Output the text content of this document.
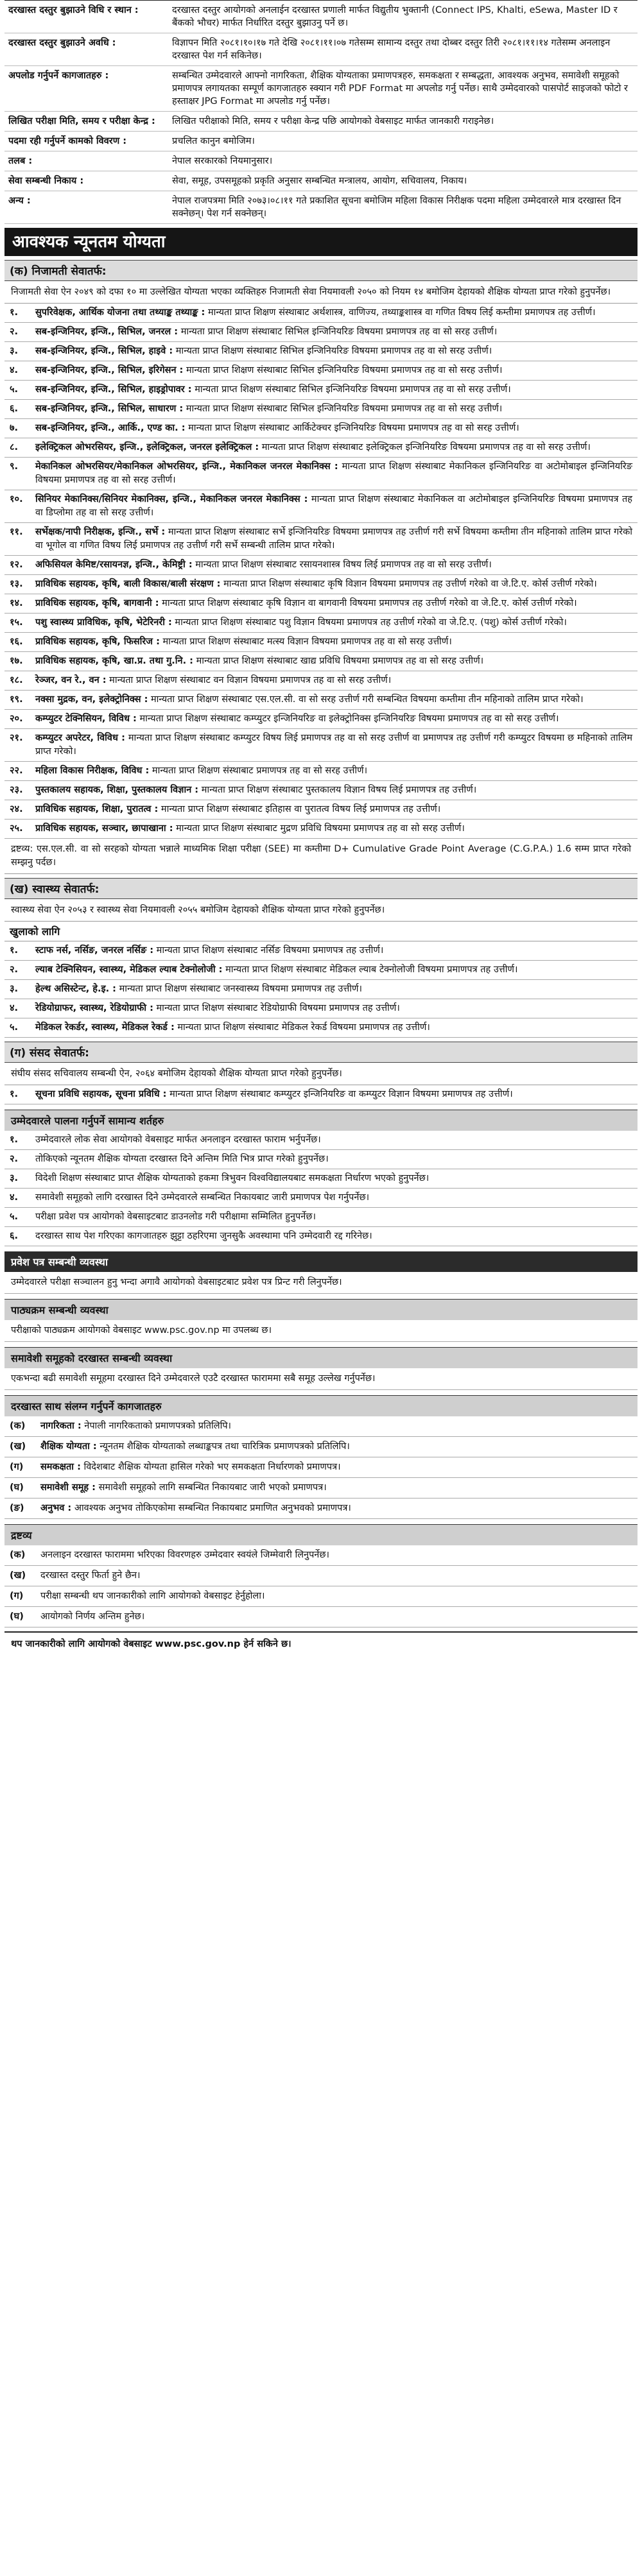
दरखास्त दस्तुर बुझाउने विधि र स्थान :	दरखास्त दस्तुर आयोगको अनलाईन दरखास्त प्रणाली मार्फत विद्युतीय भुक्तानी (Connect IPS, Khalti, eSewa, Master ID र बैंकको भौचर) मार्फत निर्धारित दस्तुर बुझाउनु पर्ने छ।
दरखास्त दस्तुर बुझाउने अवधि :	विज्ञापन मिति २०८१।१०।१७ गते देखि २०८१।११।०७ गतेसम्म सामान्य दस्तुर तथा दोब्बर दस्तुर तिरी २०८१।११।१४ गतेसम्म अनलाइन दरखास्त पेश गर्न सकिनेछ।
अपलोड गर्नुपर्ने कागजातहरु :	सम्बन्धित उम्मेदवारले आफ्नो नागरिकता, शैक्षिक योग्यताका प्रमाणपत्रहरु, समकक्षता र सम्बद्धता, आवश्यक अनुभव, समावेशी समूहको प्रमाणपत्र लगायतका सम्पूर्ण कागजातहरु स्क्यान गरी PDF Format मा अपलोड गर्नु पर्नेछ। साथै उम्मेदवारको पासपोर्ट साइजको फोटो र हस्ताक्षर JPG Format मा अपलोड गर्नु पर्नेछ।
लिखित परीक्षा मिति, समय र परीक्षा केन्द्र :	लिखित परीक्षाको मिति, समय र परीक्षा केन्द्र पछि आयोगको वेबसाइट मार्फत जानकारी गराइनेछ।
पदमा रही गर्नुपर्ने कामको विवरण :	प्रचलित कानुन बमोजिम।
तलब :	नेपाल सरकारको नियमानुसार।
सेवा सम्बन्धी निकाय :	सेवा, समूह, उपसमूहको प्रकृति अनुसार सम्बन्धित मन्त्रालय, आयोग, सचिवालय, निकाय।
अन्य :	नेपाल राजपत्रमा मिति २०७३।०८।११ गते प्रकाशित सूचना बमोजिम महिला विकास निरीक्षक पदमा महिला उम्मेदवारले मात्र दरखास्त दिन सक्नेछन्। पेश गर्न सक्नेछन्।
आवश्यक न्यूनतम योग्यता
(क) निजामती सेवातर्फ:
निजामती सेवा ऐन २०४९ को दफा १० मा उल्लेखित योग्यता भएका व्यक्तिहरु निजामती सेवा नियमावली २०५० को नियम १४ बमोजिम देहायको शैक्षिक योग्यता प्राप्त गरेको हुनुपर्नेछ।
१.	सुपरिवेक्षक, आर्थिक योजना तथा तथ्याङ्क तथ्याङ्क : मान्यता प्राप्त शिक्षण संस्थाबाट अर्थशास्त्र, वाणिज्य, तथ्याङ्कशास्त्र वा गणित विषय लिई कम्तीमा प्रमाणपत्र तह उत्तीर्ण।
२.	सब-इन्जिनियर, इन्जि., सिभिल, जनरल : मान्यता प्राप्त शिक्षण संस्थाबाट सिभिल इन्जिनियरिङ विषयमा प्रमाणपत्र तह वा सो सरह उत्तीर्ण।
३.	सब-इन्जिनियर, इन्जि., सिभिल, हाइवे : मान्यता प्राप्त शिक्षण संस्थाबाट सिभिल इन्जिनियरिङ विषयमा प्रमाणपत्र तह वा सो सरह उत्तीर्ण।
४.	सब-इन्जिनियर, इन्जि., सिभिल, इरिगेसन : मान्यता प्राप्त शिक्षण संस्थाबाट सिभिल इन्जिनियरिङ विषयमा प्रमाणपत्र तह वा सो सरह उत्तीर्ण।
५.	सब-इन्जिनियर, इन्जि., सिभिल, हाइड्रोपावर : मान्यता प्राप्त शिक्षण संस्थाबाट सिभिल इन्जिनियरिङ विषयमा प्रमाणपत्र तह वा सो सरह उत्तीर्ण।
६.	सब-इन्जिनियर, इन्जि., सिभिल, साधारण : मान्यता प्राप्त शिक्षण संस्थाबाट सिभिल इन्जिनियरिङ विषयमा प्रमाणपत्र तह वा सो सरह उत्तीर्ण।
७.	सब-इन्जिनियर, इन्जि., आर्कि., एण्ड का. : मान्यता प्राप्त शिक्षण संस्थाबाट आर्किटेक्चर इन्जिनियरिङ विषयमा प्रमाणपत्र तह वा सो सरह उत्तीर्ण।
८.	इलेक्ट्रिकल ओभरसियर, इन्जि., इलेक्ट्रिकल, जनरल इलेक्ट्रिकल : मान्यता प्राप्त शिक्षण संस्थाबाट इलेक्ट्रिकल इन्जिनियरिङ विषयमा प्रमाणपत्र तह वा सो सरह उत्तीर्ण।
९.	मेकानिकल ओभरसियर/मेकानिकल ओभरसियर, इन्जि., मेकानिकल जनरल मेकानिक्स : मान्यता प्राप्त शिक्षण संस्थाबाट मेकानिकल इन्जिनियरिङ वा अटोमोबाइल इन्जिनियरिङ विषयमा प्रमाणपत्र तह वा सो सरह उत्तीर्ण।
१०.	सिनियर मेकानिक्स/सिनियर मेकानिक्स, इन्जि., मेकानिकल जनरल मेकानिक्स : मान्यता प्राप्त शिक्षण संस्थाबाट मेकानिकल वा अटोमोबाइल इन्जिनियरिङ विषयमा प्रमाणपत्र तह वा डिप्लोमा तह वा सो सरह उत्तीर्ण।
११.	सर्भेक्षक/नापी निरीक्षक, इन्जि., सर्भे : मान्यता प्राप्त शिक्षण संस्थाबाट सर्भे इन्जिनियरिङ विषयमा प्रमाणपत्र तह उत्तीर्ण गरी सर्भे विषयमा कम्तीमा तीन महिनाको तालिम प्राप्त गरेको वा भूगोल वा गणित विषय लिई प्रमाणपत्र तह उत्तीर्ण गरी सर्भे सम्बन्धी तालिम प्राप्त गरेको।
१२.	अफिसियल केमिष्ट/रसायनज्ञ, इन्जि., केमिष्ट्री : मान्यता प्राप्त शिक्षण संस्थाबाट रसायनशास्त्र विषय लिई प्रमाणपत्र तह वा सो सरह उत्तीर्ण।
१३.	प्राविधिक सहायक, कृषि, बाली विकास/बाली संरक्षण : मान्यता प्राप्त शिक्षण संस्थाबाट कृषि विज्ञान विषयमा प्रमाणपत्र तह उत्तीर्ण गरेको वा जे.टि.ए. कोर्स उत्तीर्ण गरेको।
१४.	प्राविधिक सहायक, कृषि, बागवानी : मान्यता प्राप्त शिक्षण संस्थाबाट कृषि विज्ञान वा बागवानी विषयमा प्रमाणपत्र तह उत्तीर्ण गरेको वा जे.टि.ए. कोर्स उत्तीर्ण गरेको।
१५.	पशु स्वास्थ्य प्राविधिक, कृषि, भेटेरिनरी : मान्यता प्राप्त शिक्षण संस्थाबाट पशु विज्ञान विषयमा प्रमाणपत्र तह उत्तीर्ण गरेको वा जे.टि.ए. (पशु) कोर्स उत्तीर्ण गरेको।
१६.	प्राविधिक सहायक, कृषि, फिसरिज : मान्यता प्राप्त शिक्षण संस्थाबाट मत्स्य विज्ञान विषयमा प्रमाणपत्र तह वा सो सरह उत्तीर्ण।
१७.	प्राविधिक सहायक, कृषि, खा.प्र. तथा गु.नि. : मान्यता प्राप्त शिक्षण संस्थाबाट खाद्य प्रविधि विषयमा प्रमाणपत्र तह वा सो सरह उत्तीर्ण।
१८.	रेञ्जर, वन रे., वन : मान्यता प्राप्त शिक्षण संस्थाबाट वन विज्ञान विषयमा प्रमाणपत्र तह वा सो सरह उत्तीर्ण।
१९.	नक्सा मुद्रक, वन, इलेक्ट्रोनिक्स : मान्यता प्राप्त शिक्षण संस्थाबाट एस.एल.सी. वा सो सरह उत्तीर्ण गरी सम्बन्धित विषयमा कम्तीमा तीन महिनाको तालिम प्राप्त गरेको।
२०.	कम्प्युटर टेक्निसियन, विविध : मान्यता प्राप्त शिक्षण संस्थाबाट कम्प्युटर इन्जिनियरिङ वा इलेक्ट्रोनिक्स इन्जिनियरिङ विषयमा प्रमाणपत्र तह वा सो सरह उत्तीर्ण।
२१.	कम्प्युटर अपरेटर, विविध : मान्यता प्राप्त शिक्षण संस्थाबाट कम्प्युटर विषय लिई प्रमाणपत्र तह वा सो सरह उत्तीर्ण वा प्रमाणपत्र तह उत्तीर्ण गरी कम्प्युटर विषयमा छ महिनाको तालिम प्राप्त गरेको।
२२.	महिला विकास निरीक्षक, विविध : मान्यता प्राप्त शिक्षण संस्थाबाट प्रमाणपत्र तह वा सो सरह उत्तीर्ण।
२३.	पुस्तकालय सहायक, शिक्षा, पुस्तकालय विज्ञान : मान्यता प्राप्त शिक्षण संस्थाबाट पुस्तकालय विज्ञान विषय लिई प्रमाणपत्र तह उत्तीर्ण।
२४.	प्राविधिक सहायक, शिक्षा, पुरातत्व : मान्यता प्राप्त शिक्षण संस्थाबाट इतिहास वा पुरातत्व विषय लिई प्रमाणपत्र तह उत्तीर्ण।
२५.	प्राविधिक सहायक, सञ्चार, छापाखाना : मान्यता प्राप्त शिक्षण संस्थाबाट मुद्रण प्रविधि विषयमा प्रमाणपत्र तह वा सो सरह उत्तीर्ण।
द्रष्टव्य: एस.एल.सी. वा सो सरहको योग्यता भन्नाले माध्यमिक शिक्षा परीक्षा (SEE) मा कम्तीमा D+ Cumulative Grade Point Average (C.G.P.A.) 1.6 सम्म प्राप्त गरेको सम्झनु पर्दछ।
(ख) स्वास्थ्य सेवातर्फ:
स्वास्थ्य सेवा ऐन २०५३ र स्वास्थ्य सेवा नियमावली २०५५ बमोजिम देहायको शैक्षिक योग्यता प्राप्त गरेको हुनुपर्नेछ।
खुलाको लागि
१.	स्टाफ नर्स, नर्सिङ, जनरल नर्सिङ : मान्यता प्राप्त शिक्षण संस्थाबाट नर्सिङ विषयमा प्रमाणपत्र तह उत्तीर्ण।
२.	ल्याब टेक्निसियन, स्वास्थ्य, मेडिकल ल्याब टेक्नोलोजी : मान्यता प्राप्त शिक्षण संस्थाबाट मेडिकल ल्याब टेक्नोलोजी विषयमा प्रमाणपत्र तह उत्तीर्ण।
३.	हेल्थ असिस्टेन्ट, हे.इ. : मान्यता प्राप्त शिक्षण संस्थाबाट जनस्वास्थ्य विषयमा प्रमाणपत्र तह उत्तीर्ण।
४.	रेडियोग्राफर, स्वास्थ्य, रेडियोग्राफी : मान्यता प्राप्त शिक्षण संस्थाबाट रेडियोग्राफी विषयमा प्रमाणपत्र तह उत्तीर्ण।
५.	मेडिकल रेकर्डर, स्वास्थ्य, मेडिकल रेकर्ड : मान्यता प्राप्त शिक्षण संस्थाबाट मेडिकल रेकर्ड विषयमा प्रमाणपत्र तह उत्तीर्ण।
(ग) संसद सेवातर्फ:
संघीय संसद सचिवालय सम्बन्धी ऐन, २०६४ बमोजिम देहायको शैक्षिक योग्यता प्राप्त गरेको हुनुपर्नेछ।
१.	सूचना प्रविधि सहायक, सूचना प्रविधि : मान्यता प्राप्त शिक्षण संस्थाबाट कम्प्युटर इन्जिनियरिङ वा कम्प्युटर विज्ञान विषयमा प्रमाणपत्र तह उत्तीर्ण।
उम्मेदवारले पालना गर्नुपर्ने सामान्य शर्तहरु
१.	उम्मेदवारले लोक सेवा आयोगको वेबसाइट मार्फत अनलाइन दरखास्त फाराम भर्नुपर्नेछ।
२.	तोकिएको न्यूनतम शैक्षिक योग्यता दरखास्त दिने अन्तिम मिति भित्र प्राप्त गरेको हुनुपर्नेछ।
३.	विदेशी शिक्षण संस्थाबाट प्राप्त शैक्षिक योग्यताको हकमा त्रिभुवन विश्वविद्यालयबाट समकक्षता निर्धारण भएको हुनुपर्नेछ।
४.	समावेशी समूहको लागि दरखास्त दिने उम्मेदवारले सम्बन्धित निकायबाट जारी प्रमाणपत्र पेश गर्नुपर्नेछ।
५.	परीक्षा प्रवेश पत्र आयोगको वेबसाइटबाट डाउनलोड गरी परीक्षामा सम्मिलित हुनुपर्नेछ।
६.	दरखास्त साथ पेश गरिएका कागजातहरु झुट्टा ठहरिएमा जुनसुकै अवस्थामा पनि उम्मेदवारी रद्द गरिनेछ।
प्रवेश पत्र सम्बन्धी व्यवस्था
उम्मेदवारले परीक्षा सञ्चालन हुनु भन्दा अगावै आयोगको वेबसाइटबाट प्रवेश पत्र प्रिन्ट गरी लिनुपर्नेछ।
पाठ्यक्रम सम्बन्धी व्यवस्था
परीक्षाको पाठ्यक्रम आयोगको वेबसाइट www.psc.gov.np मा उपलब्ध छ।
समावेशी समूहको दरखास्त सम्बन्धी व्यवस्था
एकभन्दा बढी समावेशी समूहमा दरखास्त दिने उम्मेदवारले एउटै दरखास्त फाराममा सबै समूह उल्लेख गर्नुपर्नेछ।
दरखास्त साथ संलग्न गर्नुपर्ने कागजातहरु
(क)	नागरिकता : नेपाली नागरिकताको प्रमाणपत्रको प्रतिलिपि।
(ख)	शैक्षिक योग्यता : न्यूनतम शैक्षिक योग्यताको लब्धाङ्कपत्र तथा चारित्रिक प्रमाणपत्रको प्रतिलिपि।
(ग)	समकक्षता : विदेशबाट शैक्षिक योग्यता हासिल गरेको भए समकक्षता निर्धारणको प्रमाणपत्र।
(घ)	समावेशी समूह : समावेशी समूहको लागि सम्बन्धित निकायबाट जारी भएको प्रमाणपत्र।
(ङ)	अनुभव : आवश्यक अनुभव तोकिएकोमा सम्बन्धित निकायबाट प्रमाणित अनुभवको प्रमाणपत्र।
द्रष्टव्य
(क)	अनलाइन दरखास्त फाराममा भरिएका विवरणहरु उम्मेदवार स्वयंले जिम्मेवारी लिनुपर्नेछ।
(ख)	दरखास्त दस्तुर फिर्ता हुने छैन।
(ग)	परीक्षा सम्बन्धी थप जानकारीको लागि आयोगको वेबसाइट हेर्नुहोला।
(घ)	आयोगको निर्णय अन्तिम हुनेछ।
थप जानकारीको लागि आयोगको वेबसाइट www.psc.gov.np हेर्न सकिने छ।
